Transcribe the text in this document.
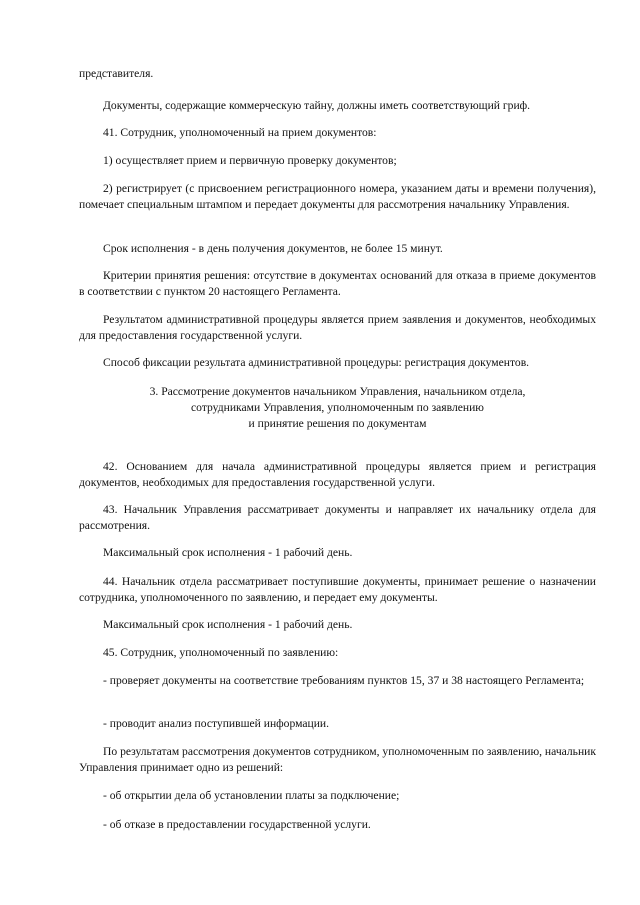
представителя.

Документы, содержащие коммерческую тайну, должны иметь соответствующий гриф.

41. Сотрудник, уполномоченный на прием документов:

1) осуществляет прием и первичную проверку документов;

2) регистрирует (с присвоением регистрационного номера, указанием даты и времени получения), помечает специальным штампом и передает документы для рассмотрения начальнику Управления.

Срок исполнения - в день получения документов, не более 15 минут.

Критерии принятия решения: отсутствие в документах оснований для отказа в приеме документов в соответствии с пунктом 20 настоящего Регламента.

Результатом административной процедуры является прием заявления и документов, необходимых для предоставления государственной услуги.

Способ фиксации результата административной процедуры: регистрация документов.

3. Рассмотрение документов начальником Управления, начальником отдела,
сотрудниками Управления, уполномоченным по заявлению
и принятие решения по документам

42. Основанием для начала административной процедуры является прием и регистрация документов, необходимых для предоставления государственной услуги.

43. Начальник Управления рассматривает документы и направляет их начальнику отдела для рассмотрения.

Максимальный срок исполнения - 1 рабочий день.

44. Начальник отдела рассматривает поступившие документы, принимает решение о назначении сотрудника, уполномоченного по заявлению, и передает ему документы.

Максимальный срок исполнения - 1 рабочий день.

45. Сотрудник, уполномоченный по заявлению:

- проверяет документы на соответствие требованиям пунктов 15, 37 и 38 настоящего Регламента;

- проводит анализ поступившей информации.

По результатам рассмотрения документов сотрудником, уполномоченным по заявлению, начальник Управления принимает одно из решений:

- об открытии дела об установлении платы за подключение;

- об отказе в предоставлении государственной услуги.
